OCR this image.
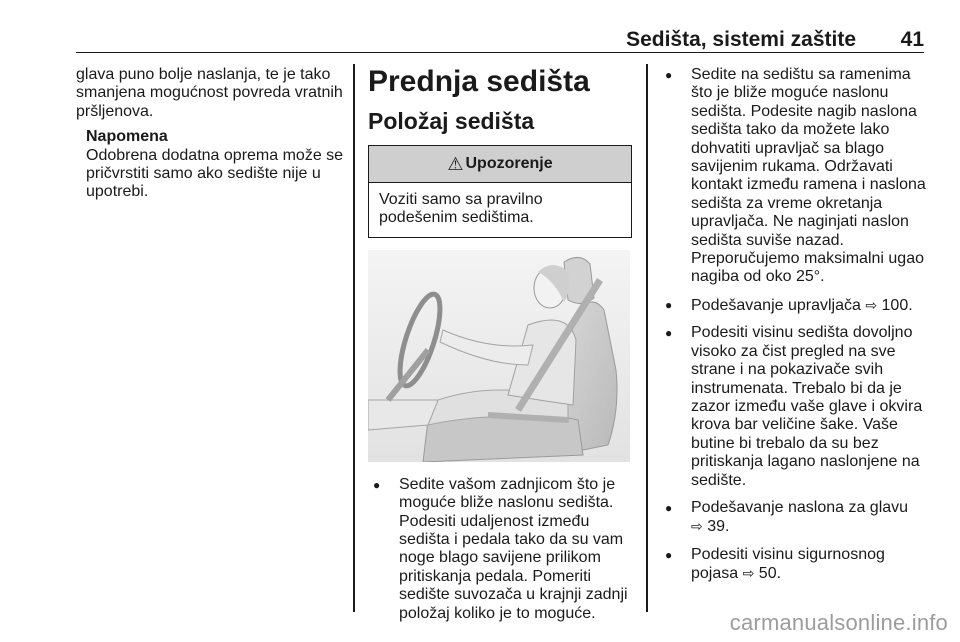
Sedišta, sistemi zaštite 41

glava puno bolje naslanja, te je tako smanjena mogućnost povreda vratnih pršljenova.

Napomena
Odobrena dodatna oprema može se pričvrstiti samo ako sedište nije u upotrebi.
Prednja sedišta
Položaj sedišta
⚠ Upozorenje
Voziti samo sa pravilno podešenim sedištima.
● Sedite vašom zadnjicom što je moguće bliže naslonu sedišta. Podesiti udaljenost između sedišta i pedala tako da su vam noge blago savijene prilikom pritiskanja pedala. Pomeriti sedište suvozača u krajnji zadnji položaj koliko je to moguće.
● Sedite na sedištu sa ramenima što je bliže moguće naslonu sedišta. Podesite nagib naslona sedišta tako da možete lako dohvatiti upravljač sa blago savijenim rukama. Održavati kontakt između ramena i naslona sedišta za vreme okretanja upravljača. Ne naginjati naslon sedišta suviše nazad. Preporučujemo maksimalni ugao nagiba od oko 25°.
● Podešavanje upravljača ⇨ 100.
● Podesiti visinu sedišta dovoljno visoko za čist pregled na sve strane i na pokazivače svih instrumenata. Trebalo bi da je zazor između vaše glave i okvira krova bar veličine šake. Vaše butine bi trebalo da su bez pritiskanja lagano naslonjene na sedište.
● Podešavanje naslona za glavu
⇨ 39.
● Podesiti visinu sigurnosnog pojasa ⇨ 50.
carmanualsonline.info
